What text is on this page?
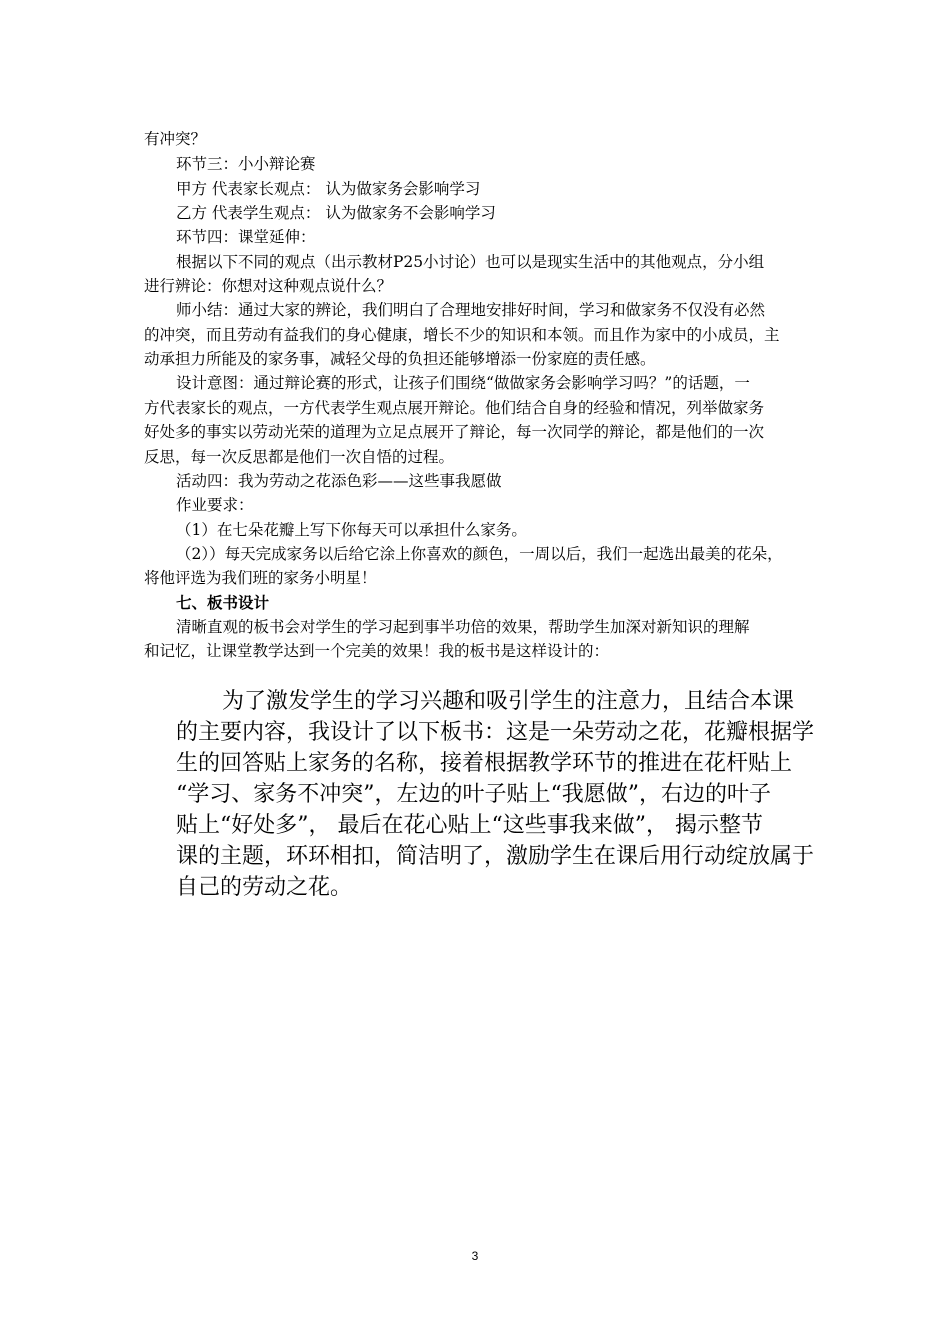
有冲突？
环节三：小小辩论赛
甲方 代表家长观点： 认为做家务会影响学习
乙方 代表学生观点： 认为做家务不会影响学习
环节四：课堂延伸：
根据以下不同的观点（出示教材P25小讨论）也可以是现实生活中的其他观点，分小组
进行辨论：你想对这种观点说什么？
师小结：通过大家的辨论，我们明白了合理地安排好时间，学习和做家务不仅没有必然
的冲突，而且劳动有益我们的身心健康，增长不少的知识和本领。而且作为家中的小成员，主
动承担力所能及的家务事，减轻父母的负担还能够增添一份家庭的责任感。
设计意图：通过辩论赛的形式，让孩子们围绕“做做家务会影响学习吗？”的话题，一
方代表家长的观点，一方代表学生观点展开辩论。他们结合自身的经验和情况，列举做家务
好处多的事实以劳动光荣的道理为立足点展开了辩论，每一次同学的辩论，都是他们的一次
反思，每一次反思都是他们一次自悟的过程。
活动四：我为劳动之花添色彩——这些事我愿做
作业要求：
（1）在七朵花瓣上写下你每天可以承担什么家务。
（2））每天完成家务以后给它涂上你喜欢的颜色，一周以后，我们一起选出最美的花朵，
将他评选为我们班的家务小明星！
七、板书设计
清晰直观的板书会对学生的学习起到事半功倍的效果，帮助学生加深对新知识的理解
和记忆，让课堂教学达到一个完美的效果！我的板书是这样设计的：
为了激发学生的学习兴趣和吸引学生的注意力，且结合本课
的主要内容，我设计了以下板书：这是一朵劳动之花，花瓣根据学
生的回答贴上家务的名称，接着根据教学环节的推进在花杆贴上
“学习、家务不冲突”，左边的叶子贴上“我愿做”，右边的叶子
贴上“好处多”， 最后在花心贴上“这些事我来做”， 揭示整节
课的主题，环环相扣，简洁明了，激励学生在课后用行动绽放属于
自己的劳动之花。
3
